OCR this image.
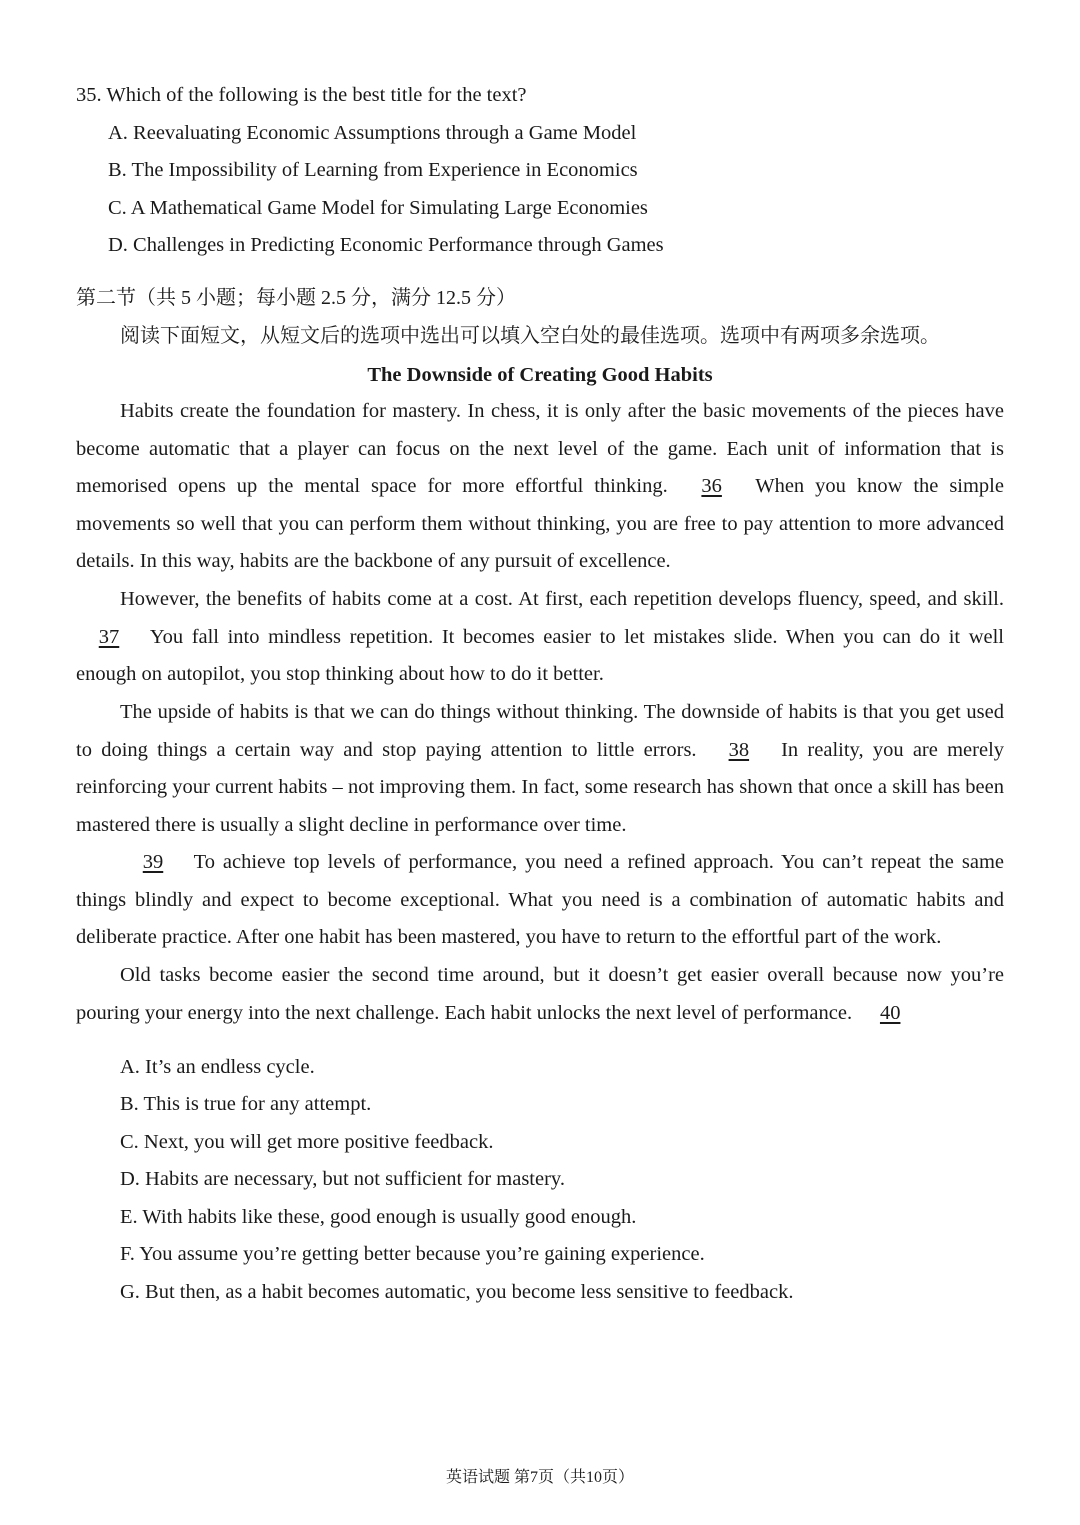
35. Which of the following is the best title for the text?
A. Reevaluating Economic Assumptions through a Game Model
B. The Impossibility of Learning from Experience in Economics
C. A Mathematical Game Model for Simulating Large Economies
D. Challenges in Predicting Economic Performance through Games
第二节（共 5 小题；每小题 2.5 分，满分 12.5 分）
阅读下面短文，从短文后的选项中选出可以填入空白处的最佳选项。选项中有两项多余选项。
The Downside of Creating Good Habits
Habits create the foundation for mastery. In chess, it is only after the basic movements of the pieces have become automatic that a player can focus on the next level of the game. Each unit of information that is memorised opens up the mental space for more effortful thinking. 36 When you know the simple movements so well that you can perform them without thinking, you are free to pay attention to more advanced details. In this way, habits are the backbone of any pursuit of excellence.
However, the benefits of habits come at a cost. At first, each repetition develops fluency, speed, and skill. 37 You fall into mindless repetition. It becomes easier to let mistakes slide. When you can do it well enough on autopilot, you stop thinking about how to do it better.
The upside of habits is that we can do things without thinking. The downside of habits is that you get used to doing things a certain way and stop paying attention to little errors. 38 In reality, you are merely reinforcing your current habits – not improving them. In fact, some research has shown that once a skill has been mastered there is usually a slight decline in performance over time.
39 To achieve top levels of performance, you need a refined approach. You can’t repeat the same things blindly and expect to become exceptional. What you need is a combination of automatic habits and deliberate practice. After one habit has been mastered, you have to return to the effortful part of the work.
Old tasks become easier the second time around, but it doesn’t get easier overall because now you’re pouring your energy into the next challenge. Each habit unlocks the next level of performance. 40
A. It’s an endless cycle.
B. This is true for any attempt.
C. Next, you will get more positive feedback.
D. Habits are necessary, but not sufficient for mastery.
E. With habits like these, good enough is usually good enough.
F. You assume you’re getting better because you’re gaining experience.
G. But then, as a habit becomes automatic, you become less sensitive to feedback.
英语试题 第7页（共10页）
